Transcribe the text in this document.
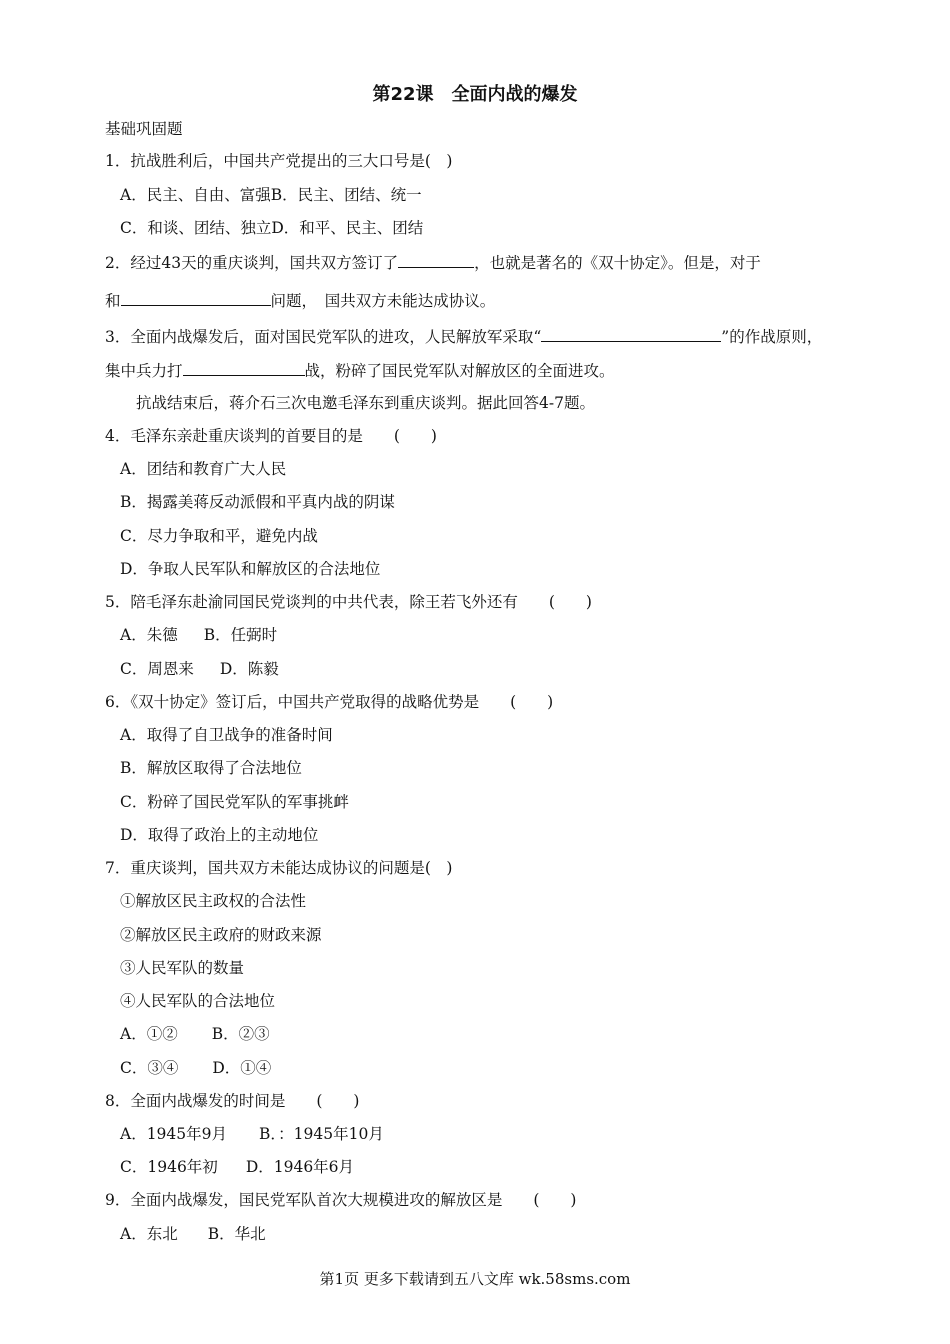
第22课　全面内战的爆发
基础巩固题
1．抗战胜利后，中国共产党提出的三大口号是(　)
A．民主、自由、富强B．民主、团结、统一
C．和谈、团结、独立D．和平、民主、团结
2．经过43天的重庆谈判，国共双方签订了	，也就是著名的《双十协定》。但是，对于
和	问题，　国共双方未能达成协议。
3．全面内战爆发后，面对国民党军队的进攻，人民解放军采取“	”的作战原则，
集中兵力打	战，粉碎了国民党军队对解放区的全面进攻。
抗战结束后，蒋介石三次电邀毛泽东到重庆谈判。据此回答4-7题。
4．毛泽东亲赴重庆谈判的首要目的是　　(　　)
A．团结和教育广大人民
B．揭露美蒋反动派假和平真内战的阴谋
C．尽力争取和平，避免内战
D．争取人民军队和解放区的合法地位
5．陪毛泽东赴渝同国民党谈判的中共代表，除王若飞外还有　　(　　)
A．朱德 B．任弼时
C．周恩来 D．陈毅
6．《双十协定》签订后，中国共产党取得的战略优势是　　(　　)
A．取得了自卫战争的准备时间
B．解放区取得了合法地位
C．粉碎了国民党军队的军事挑衅
D．取得了政治上的主动地位
7．重庆谈判，国共双方未能达成协议的问题是(　)
①解放区民主政权的合法性
②解放区民主政府的财政来源
③人民军队的数量
④人民军队的合法地位
A．①② B．②③
C．③④ D．①④
8．全面内战爆发的时间是　　(　　)
A．1945年9月 B．：1945年10月
C．1946年初 D．1946年6月
9．全面内战爆发，国民党军队首次大规模进攻的解放区是　　(　　)
A．东北 B．华北
第1页 更多下载请到五八文库 wk.58sms.com
